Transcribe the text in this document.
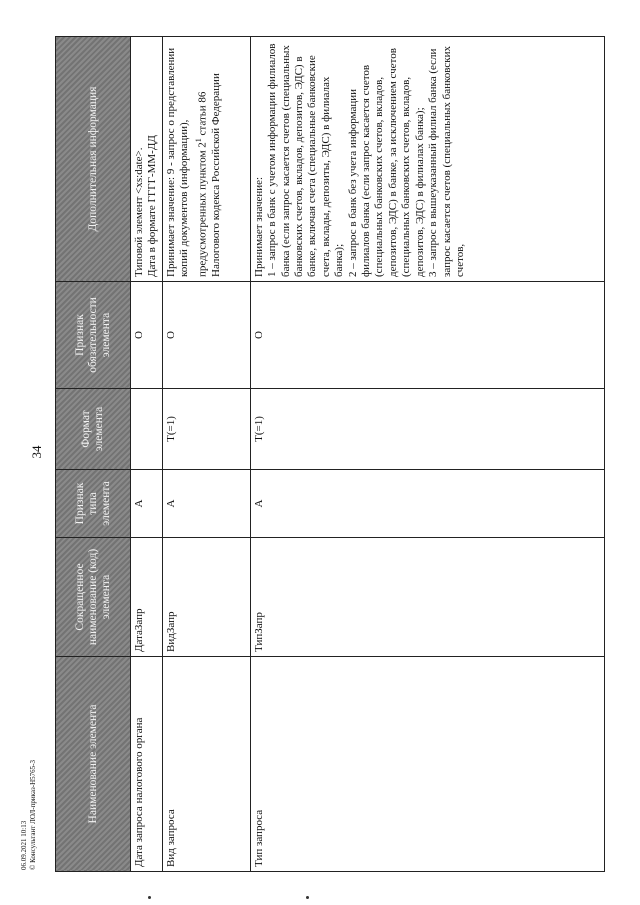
34
06.09.2021 10:13 © Консультант ЛОЛ-приказ-Н5765-3	Наименование элемента	Сокращенное наименование (код) элемента	Признак типа элемента	Формат элемента	Признак обязательности элемента	Дополнительная информация
Дата запроса налогового органа	ДатаЗапр	А		О	Типовой элемент <xs:date>. Дата в формате ГГГГ-ММ-ДД

Вид запроса	ВидЗапр	А	T(=1)	О	Принимает значение: 9 - запрос о представлении копий документов (информации), предусмотренных пунктом $2^1$ статьи 86 Налогового кодекса Российской Федерации
Тип запроса	ТипЗапр	А	T(=1)	О	Принимает значение: 1 – запрос в банк с учетом информации филиалов банка (если запрос касается счетов (специальных банковских счетов, вкладов, депозитов, ЭДС) в банке, включая счета (специальные банковские счета, вклады, депозиты, ЭДС) в филиалах банка); 2 – запрос в банк без учета информации филиалов банка (если запрос касается счетов (специальных банковских счетов, вкладов, депозитов, ЭДС) в банке, за исключением счетов (специальных банковских счетов, вкладов, депозитов, ЭДС) в филиалах банка); 3 – запрос в вышеуказанный филиал банка (если запрос касается счетов (специальных банковских счетов,
